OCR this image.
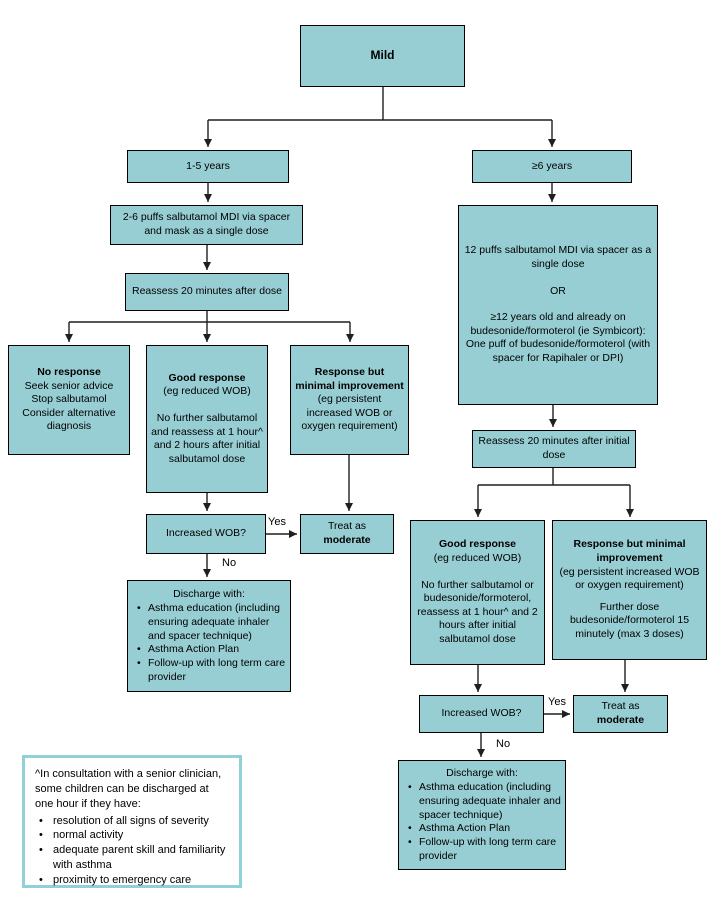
Mild
1-5 years	≥6 years
2-6 puffs salbutamol MDI via spacer and mask as a single dose
Reassess 20 minutes after dose
No response
Seek senior advice
Stop salbutamol
Consider alternative diagnosis
Good response
(eg reduced WOB)
No further salbutamol and reassess at 1 hour^ and 2 hours after initial salbutamol dose
Response but minimal improvement
(eg persistent increased WOB or oxygen requirement)
Increased WOB?
Treat as
moderate
Discharge with:
• Asthma education (including ensuring adequate inhaler and spacer technique)
• Asthma Action Plan
• Follow-up with long term care provider
12 puffs salbutamol MDI via spacer as a single dose
OR
≥12 years old and already on budesonide/formoterol (ie Symbicort):
One puff of budesonide/formoterol (with spacer for Rapihaler or DPI)
Reassess 20 minutes after initial dose
Good response
(eg reduced WOB)
No further salbutamol or budesonide/formoterol, reassess at 1 hour^ and 2 hours after initial salbutamol dose
Response but minimal improvement
(eg persistent increased WOB or oxygen requirement)
Further dose budesonide/formoterol 15 minutely (max 3 doses)
Increased WOB?
Treat as
moderate
Discharge with:
• Asthma education (including ensuring adequate inhaler and spacer technique)
• Asthma Action Plan
• Follow-up with long term care provider
^In consultation with a senior clinician, some children can be discharged at one hour if they have:
• resolution of all signs of severity
• normal activity
• adequate parent skill and familiarity with asthma
• proximity to emergency care
Yes
No
Yes
No
